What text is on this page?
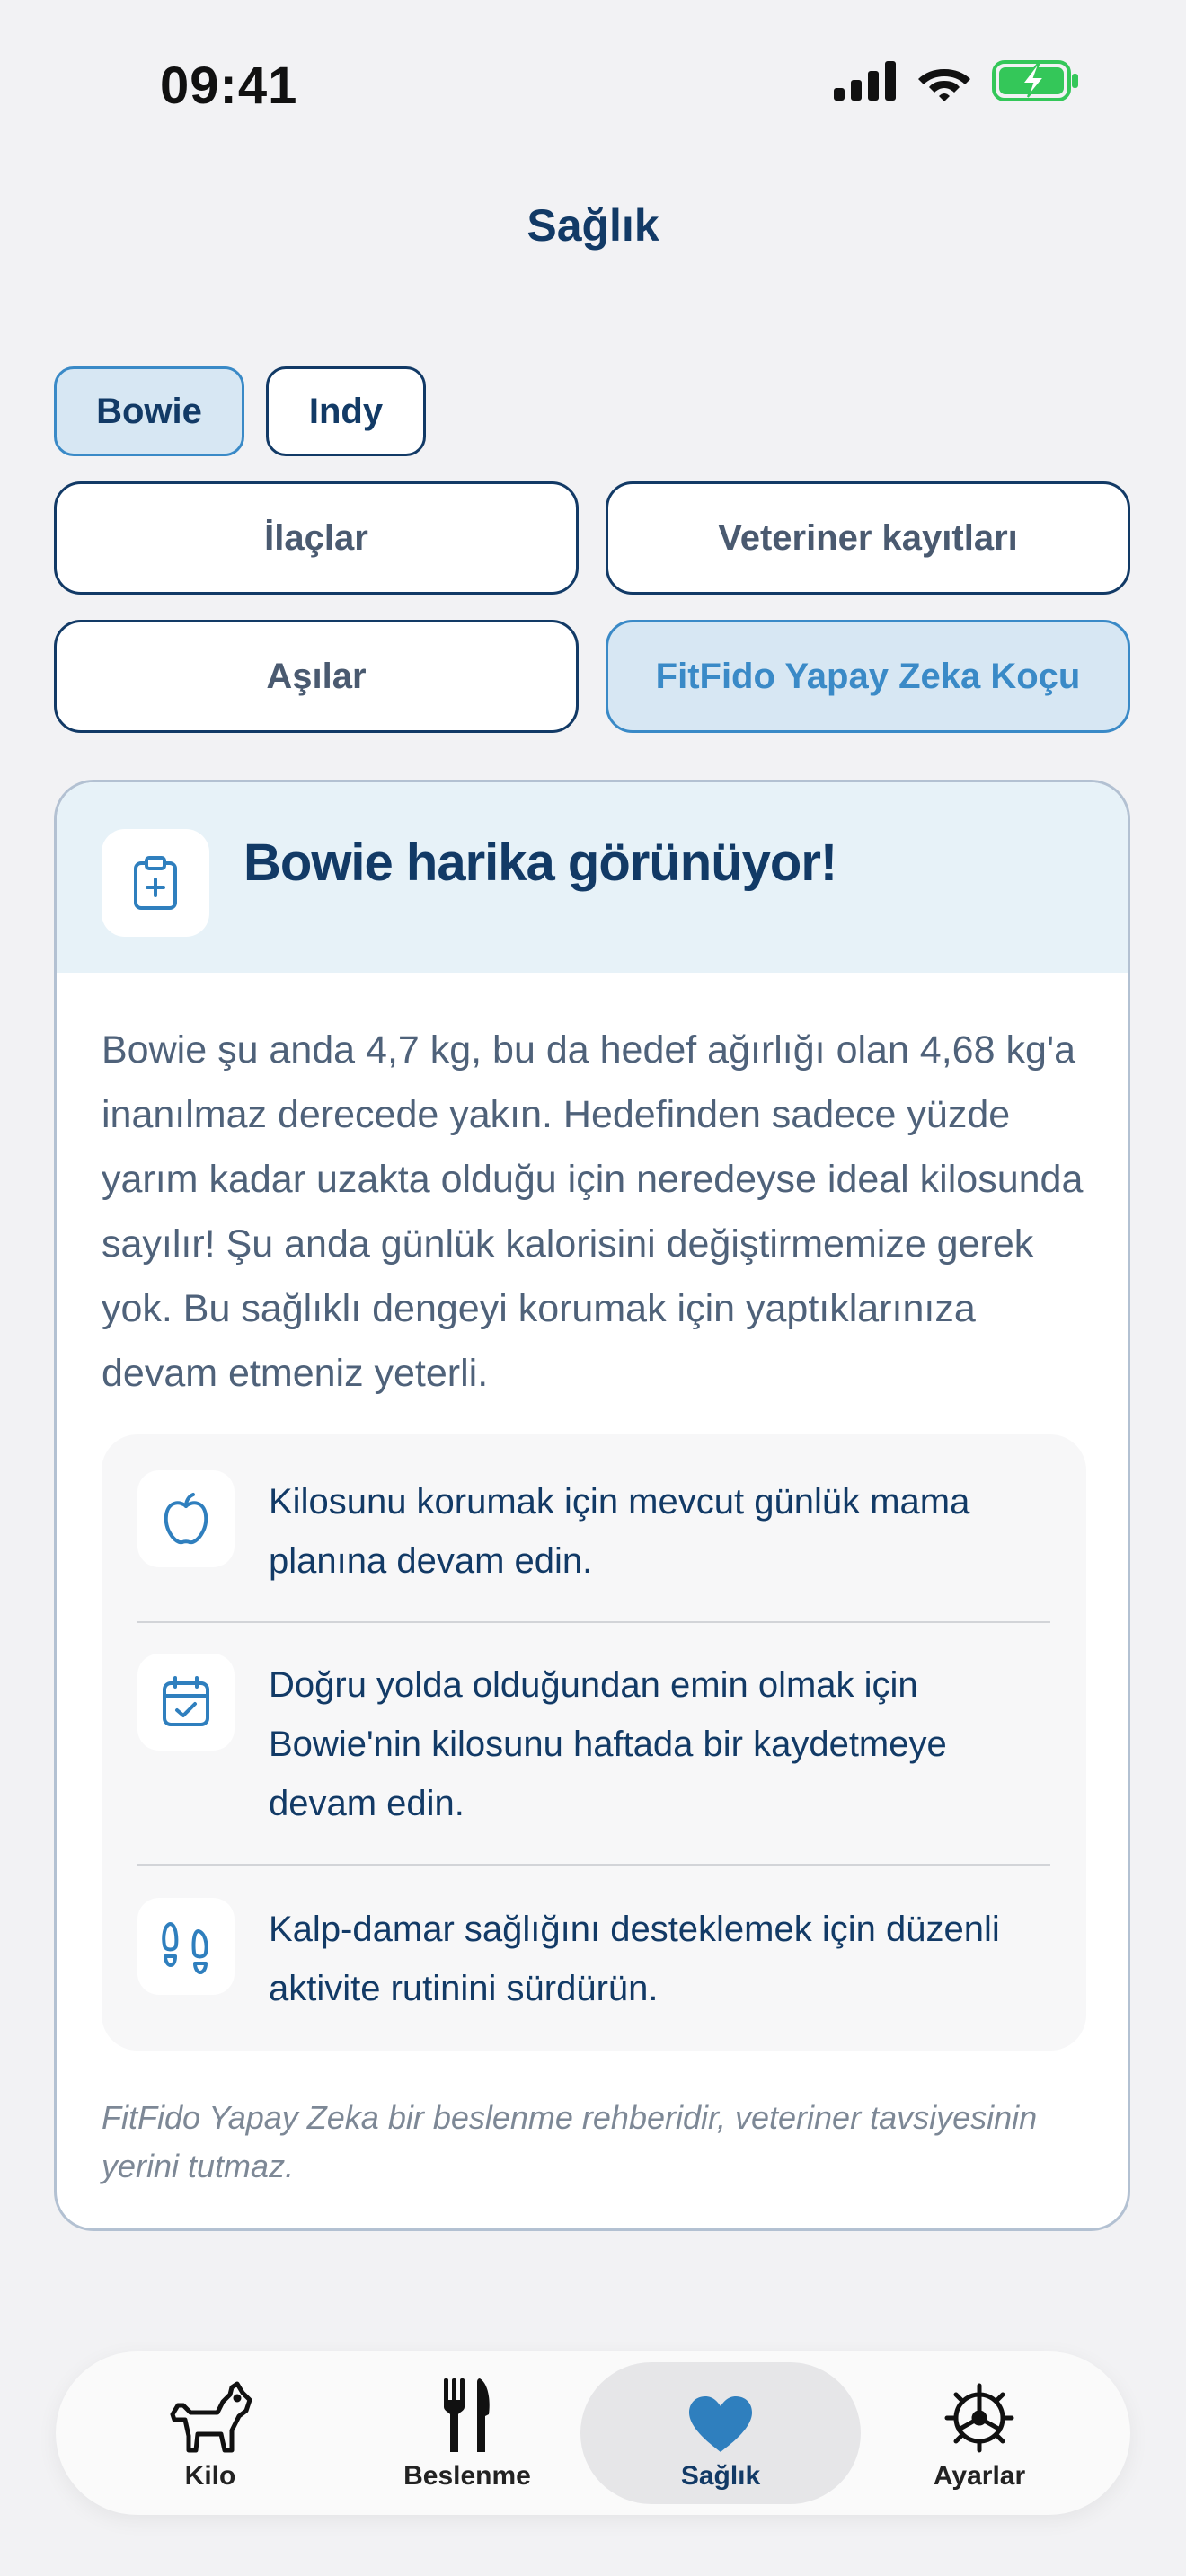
09:41
Sağlık
Bowie	Indy
İlaçlar	Veteriner kayıtları
Aşılar	FitFido Yapay Zeka Koçu
Bowie harika görünüyor!
Bowie şu anda 4,7 kg, bu da hedef ağırlığı olan 4,68 kg'a inanılmaz derecede yakın. Hedefinden sadece yüzde yarım kadar uzakta olduğu için neredeyse ideal kilosunda sayılır! Şu anda günlük kalorisini değiştirmemize gerek yok. Bu sağlıklı dengeyi korumak için yaptıklarınıza devam etmeniz yeterli.
Kilosunu korumak için mevcut günlük mama planına devam edin.
Doğru yolda olduğundan emin olmak için Bowie'nin kilosunu haftada bir kaydetmeye devam edin.
Kalp-damar sağlığını desteklemek için düzenli aktivite rutinini sürdürün.
FitFido Yapay Zeka bir beslenme rehberidir, veteriner tavsiyesinin yerini tutmaz.
Kilo	Beslenme	Sağlık	Ayarlar
